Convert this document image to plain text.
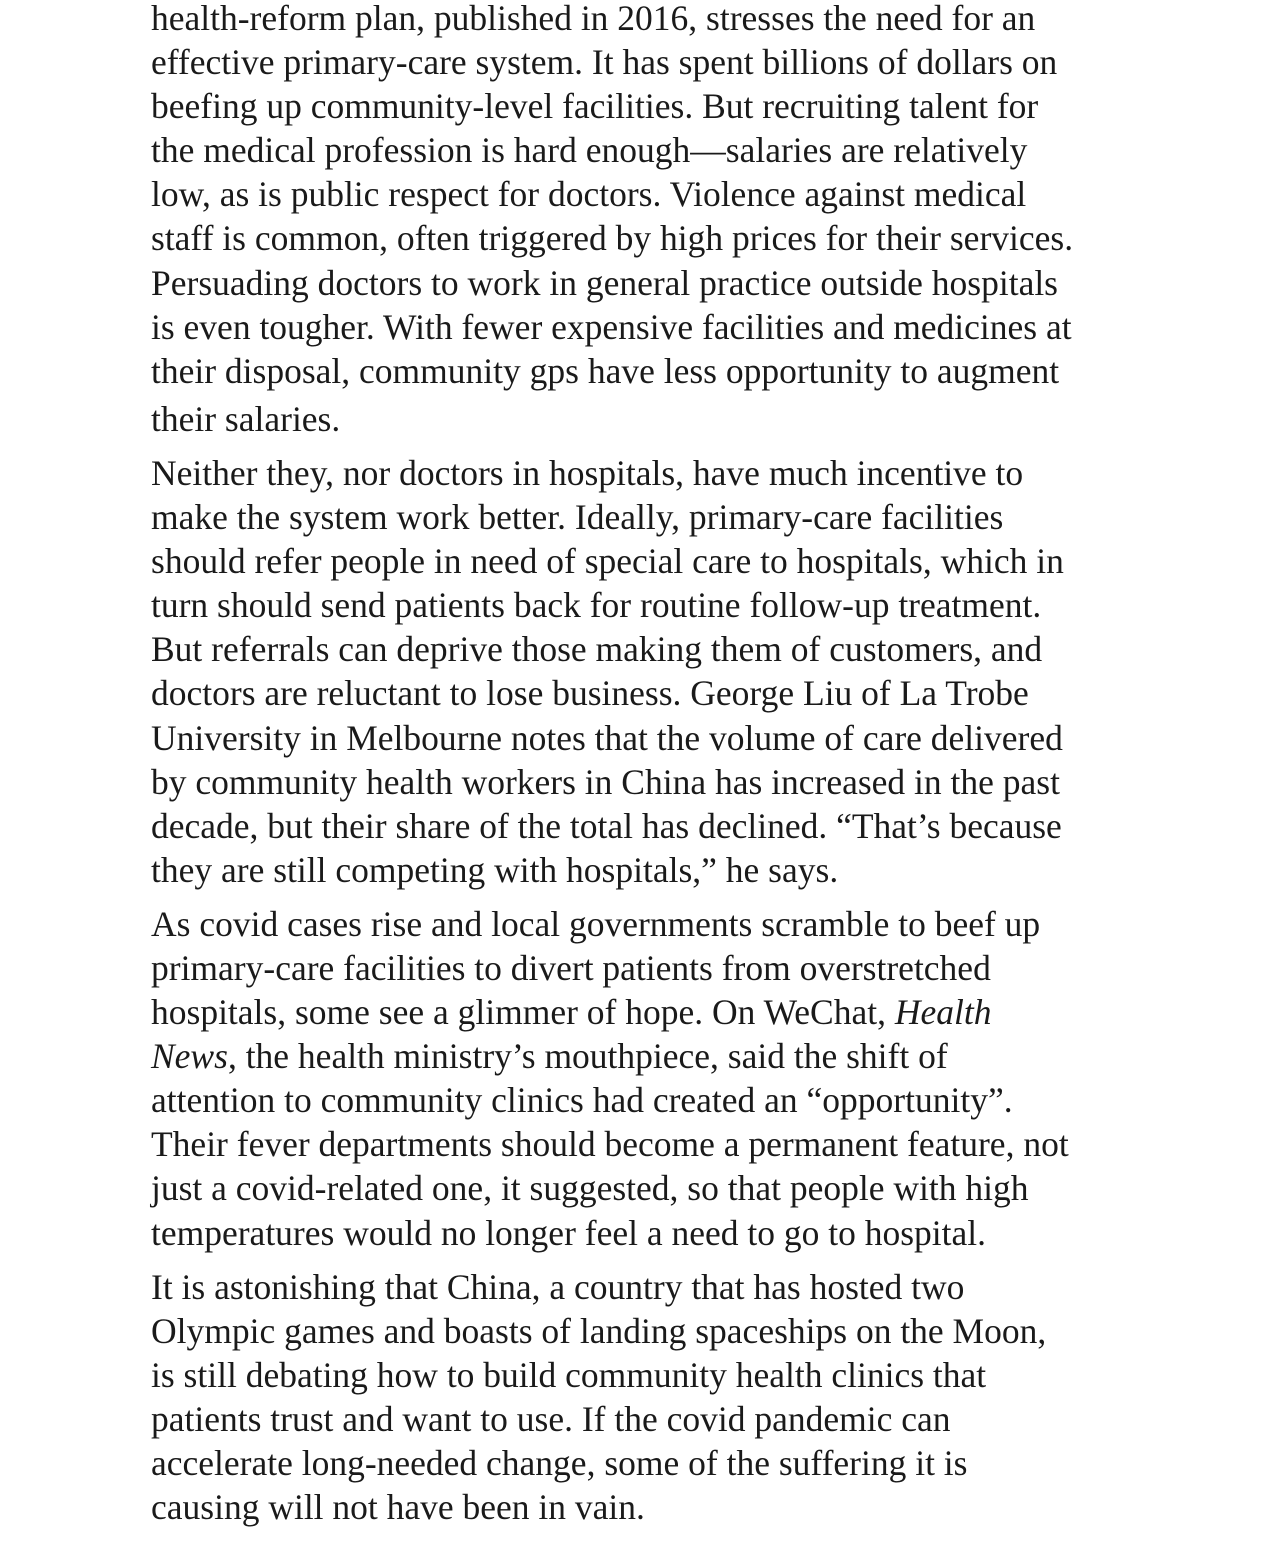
health-reform plan, published in 2016, stresses the need for an
effective primary-care system. It has spent billions of dollars on
beefing up community-level facilities. But recruiting talent for
the medical profession is hard enough—salaries are relatively
low, as is public respect for doctors. Violence against medical
staff is common, often triggered by high prices for their services.
Persuading doctors to work in general practice outside hospitals
is even tougher. With fewer expensive facilities and medicines at
their disposal, community gps have less opportunity to augment
their salaries.

Neither they, nor doctors in hospitals, have much incentive to
make the system work better. Ideally, primary-care facilities
should refer people in need of special care to hospitals, which in
turn should send patients back for routine follow-up treatment.
But referrals can deprive those making them of customers, and
doctors are reluctant to lose business. George Liu of La Trobe
University in Melbourne notes that the volume of care delivered
by community health workers in China has increased in the past
decade, but their share of the total has declined. “That’s because
they are still competing with hospitals,” he says.

As covid cases rise and local governments scramble to beef up
primary-care facilities to divert patients from overstretched
hospitals, some see a glimmer of hope. On WeChat, Health
News, the health ministry’s mouthpiece, said the shift of
attention to community clinics had created an “opportunity”.
Their fever departments should become a permanent feature, not
just a covid-related one, it suggested, so that people with high
temperatures would no longer feel a need to go to hospital.

It is astonishing that China, a country that has hosted two
Olympic games and boasts of landing spaceships on the Moon,
is still debating how to build community health clinics that
patients trust and want to use. If the covid pandemic can
accelerate long-needed change, some of the suffering it is
causing will not have been in vain.
